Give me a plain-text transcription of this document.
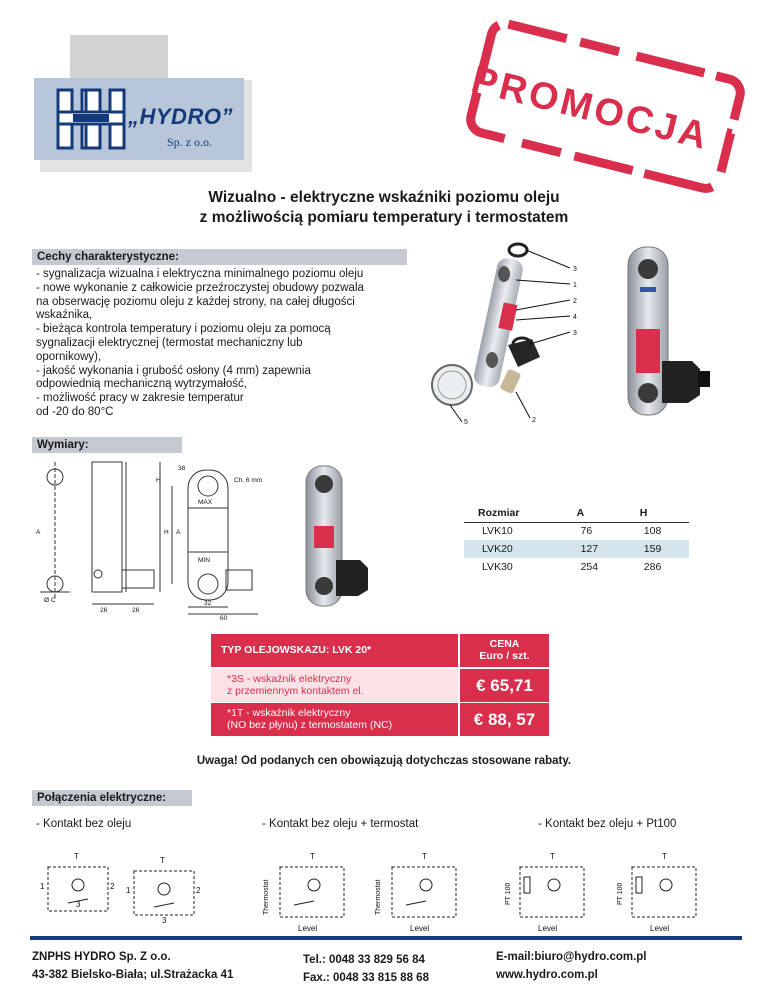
„HYDRO”
Sp. z o.o.	PROMOCJA !
Wizualno - elektryczne wskaźniki poziomu oleju
z możliwością pomiaru temperatury i termostatem
Cechy charakterystyczne:
- sygnalizacja wizualna i elektryczna minimalnego poziomu oleju
- nowe wykonanie z całkowicie przeźroczystej obudowy pozwala
na obserwację poziomu oleju z każdej strony, na całej długości
wskaźnika,
- bieżąca kontrola temperatury i poziomu oleju za pomocą
sygnalizacji elektrycznej (termostat mechaniczny lub
opornikowy),
- jakość wykonania i grubość osłony (4 mm) zapewnia
odpowiednią mechaniczną wytrzymałość,
- możliwość pracy w zakresie temperatur
od -20 do 80°C
3
1
2
4
3
5	2
Wymiary:
A	H A
H
38
26	26
32
60
Ø C
Ch. 6 mm
MAX
MIN
Rozmiar	A	H
LVK10	76	108
LVK20	127	159
LVK30	254	286
TYP OLEJOWSKAZU: LVK 20*	CENA
Euro / szt.
*3S - wskaźnik elektryczny
z przemiennym kontaktem el.	€ 65,71
*1T - wskaźnik elektryczny
(NO bez płynu) z termostatem (NC)	€ 88, 57
Uwaga! Od podanych cen obowiązują dotychczas stosowane rabaty.
Połączenia elektryczne:
- Kontakt bez oleju	- Kontakt bez oleju + termostat	- Kontakt bez oleju + Pt100
T
1	2
3
T
1	2
3
T
Level
T
Level
T
Level
T
Level
Thermostat	Thermostat	PT 100	PT 100
ZNPHS HYDRO Sp. Z o.o.
43-382 Bielsko-Biała; ul.Strażacka 41
Tel.: 0048 33 829 56 84
Fax.: 0048 33 815 88 68
E-mail:biuro@hydro.com.pl
www.hydro.com.pl
